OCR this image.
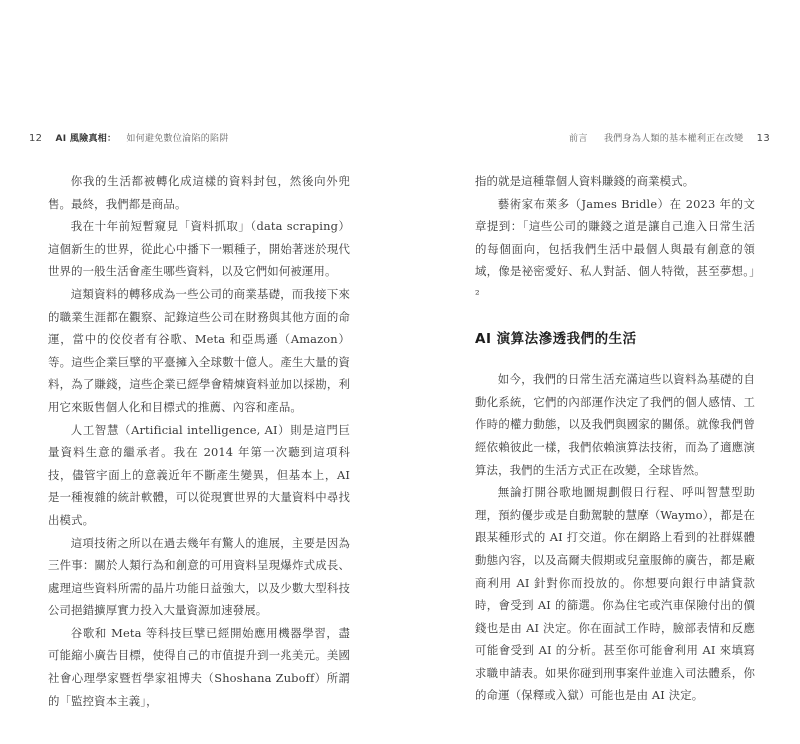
12 AI 風險真相： 如何避免數位淪陷的陷阱

你我的生活都被轉化成這樣的資料封包，然後向外兜售。最終，我們都是商品。

我在十年前短暫窺見「資料抓取」（data scraping）這個新生的世界，從此心中播下一顆種子，開始著迷於現代世界的一般生活會產生哪些資料，以及它們如何被運用。

這類資料的轉移成為一些公司的商業基礎，而我接下來的職業生涯都在觀察、記錄這些公司在財務與其他方面的命運，當中的佼佼者有谷歌、Meta 和亞馬遜（Amazon）等。這些企業巨擘的平臺擁入全球數十億人。產生大量的資料，為了賺錢，這些企業已經學會精煉資料並加以採勘，利用它來販售個人化和目標式的推薦、內容和產品。

人工智慧（Artificial intelligence, AI）則是這門巨量資料生意的繼承者。我在 2014 年第一次聽到這項科技，儘管宇面上的意義近年不斷產生變異，但基本上，AI 是一種複雜的統計軟體，可以從現實世界的大量資料中尋找出模式。

這項技術之所以在過去幾年有驚人的進展，主要是因為三件事：關於人類行為和創意的可用資料呈現爆炸式成長、處理這些資料所需的晶片功能日益強大，以及少數大型科技公司挹錯擴厚實力投入大量資源加速發展。

谷歌和 Meta 等科技巨擘已經開始應用機器學習，盡可能縮小廣告目標，使得自己的市值提升到一兆美元。美國社會心理學家暨哲學家祖博夫（Shoshana Zuboff）所謂的「監控資本主義」，

前言 我們身為人類的基本權利正在改變 13

指的就是這種靠個人資料賺錢的商業模式。

藝術家布萊多（James Bridle）在 2023 年的文章提到：「這些公司的賺錢之道是讓自己進入日常生活的每個面向，包括我們生活中最個人與最有創意的領域，像是祕密愛好、私人對話、個人特徵，甚至夢想。」²

AI 演算法滲透我們的生活

如今，我們的日常生活充滿這些以資料為基礎的自動化系統，它們的內部運作決定了我們的個人感情、工作時的權力動態，以及我們與國家的關係。就像我們曾經依賴彼此一樣，我們依賴演算法技術，而為了適應演算法，我們的生活方式正在改變，全球皆然。

無論打開谷歌地圖規劃假日行程、呼叫智慧型助理，預約優步或是自動駕駛的慧摩（Waymo），都是在跟某種形式的 AI 打交道。你在網路上看到的社群媒體動態內容，以及高爾夫假期或兒童服飾的廣告，都是廠商利用 AI 針對你而投放的。你想要向銀行申請貸款時，會受到 AI 的篩選。你為住宅或汽車保險付出的價錢也是由 AI 決定。你在面試工作時，臉部表情和反應可能會受到 AI 的分析。甚至你可能會利用 AI 來填寫求職申請表。如果你碰到刑事案件並進入司法體系，你的命運（保釋或入獄）可能也是由 AI 決定。
